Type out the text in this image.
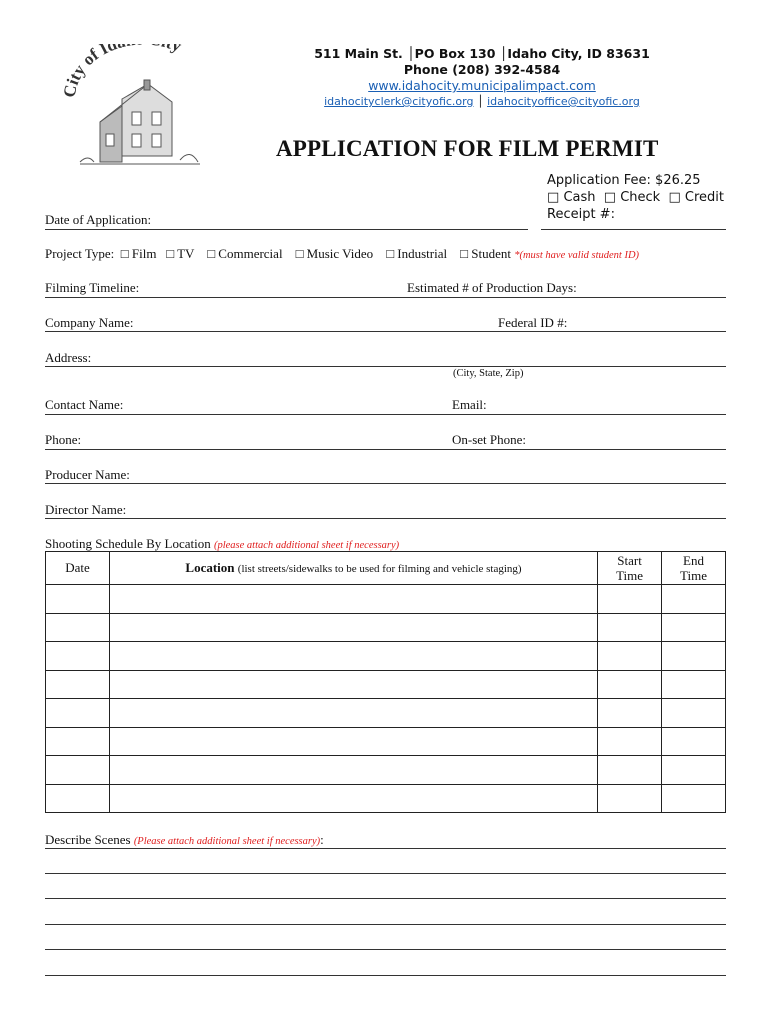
City of Id y	511 Main St. │PO Box 130 │Idaho City, ID 83631
Phone (208) 392-4584
www.idahocity.municipalimpact.com
idahocityclerk@cityofic.org │ idahocityoffice@cityofic.org
APPLICATION FOR FILM PERMIT
Application Fee: $26.25
□ Cash □ Check □ Credit
Receipt #:
Date of Application:
Project Type: □ Film □ TV □ Commercial □ Music Video □ Industrial □ Student *(must have valid student ID)
Filming Timeline:	Estimated # of Production Days:
Company Name:	Federal ID #:
Address:
(City, State, Zip)
Contact Name:	Email:
Phone:	On-set Phone:
Producer Name:
Director Name:
Shooting Schedule By Location (please attach additional sheet if necessary)
Date	Location (list streets/sidewalks to be used for filming and vehicle staging)	Start Time	End Time

Describe Scenes (Please attach additional sheet if necessary):
